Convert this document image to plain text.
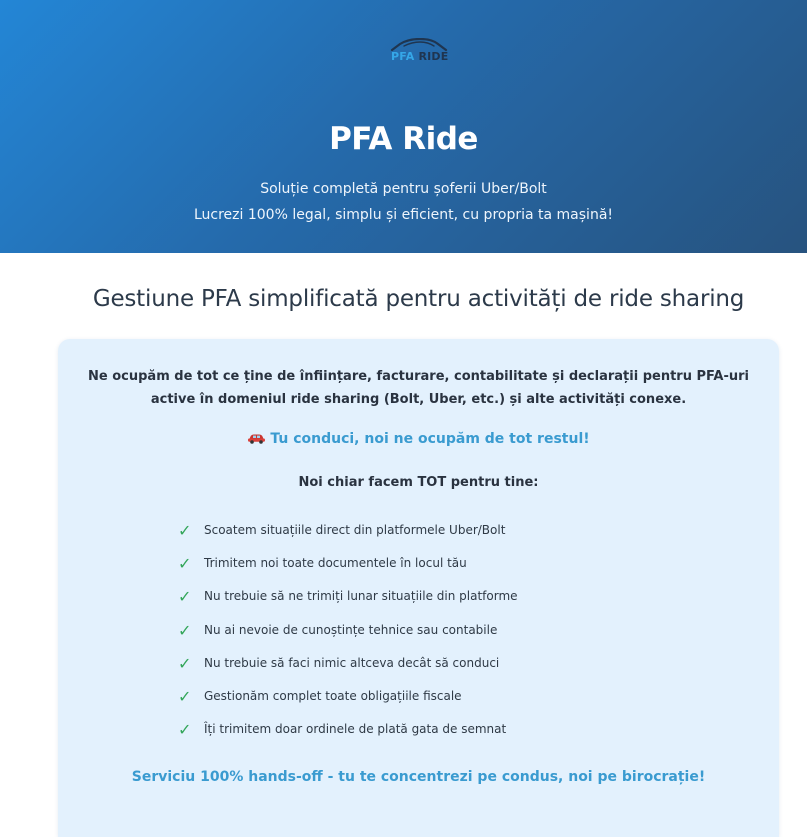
PFA RIDE
PFA Ride
Soluție completă pentru șoferii Uber/Bolt
Lucrezi 100% legal, simplu și eficient, cu propria ta mașină!
Gestiune PFA simplificată pentru activități de ride sharing

Ne ocupăm de tot ce ține de înființare, facturare, contabilitate și declarații pentru PFA-uri active în domeniul ride sharing (Bolt, Uber, etc.) și alte activități conexe.

Tu conduci, noi ne ocupăm de tot restul!
Noi chiar facem TOT pentru tine:
✓ Scoatem situațiile direct din platformele Uber/Bolt
✓ Trimitem noi toate documentele în locul tău
✓ Nu trebuie să ne trimiți lunar situațiile din platforme
✓ Nu ai nevoie de cunoștințe tehnice sau contabile
✓ Nu trebuie să faci nimic altceva decât să conduci
✓ Gestionăm complet toate obligațiile fiscale
✓ Îți trimitem doar ordinele de plată gata de semnat
Serviciu 100% hands-off - tu te concentrezi pe condus, noi pe birocrație!
